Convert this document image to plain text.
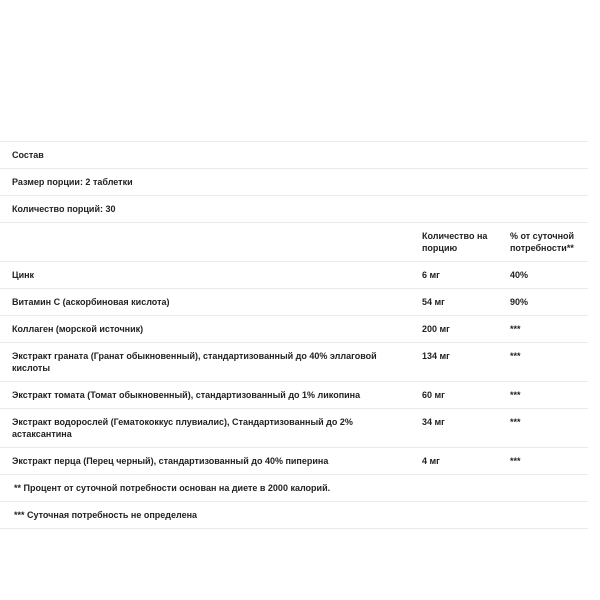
Состав		

Размер порции: 2 таблетки		

Количество порций: 30		

	Количество на порцию	% от суточной потребности**

Цинк	6 мг	40%

Витамин C (аскорбиновая кислота)	54 мг	90%

Коллаген (морской источник)	200 мг	***

Экстракт граната (Гранат обыкновенный), стандартизованный до 40% эллаговой кислоты	134 мг	***

Экстракт томата (Томат обыкновенный), стандартизованный до 1% ликопина	60 мг	***

Экстракт водорослей (Гематококкус плувиалис), Стандартизованный до 2% астаксантина	34 мг	***

Экстракт перца (Перец черный), стандартизованный до 40% пиперина	4 мг	***

** Процент от суточной потребности основан на диете в 2000 калорий.		

*** Суточная потребность не определена		
